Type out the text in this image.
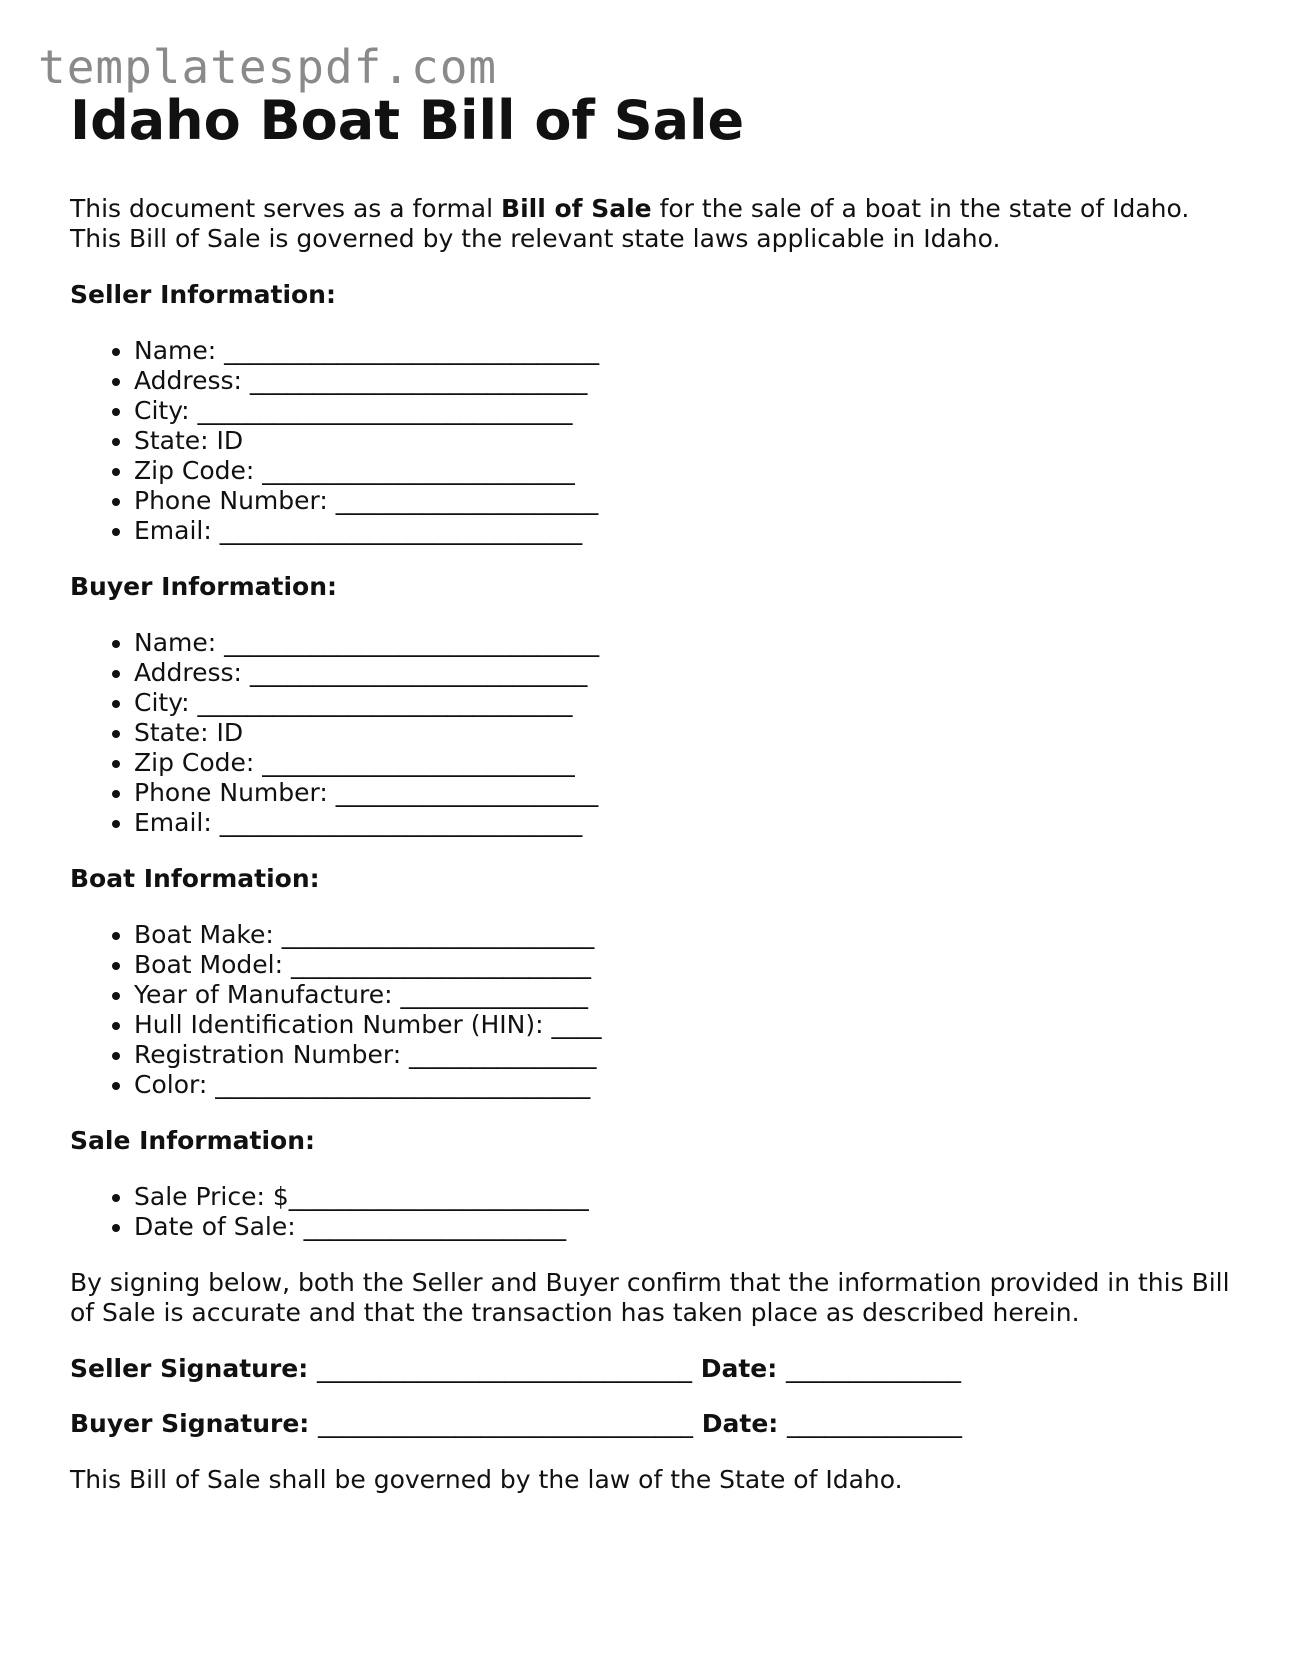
templatespdf.com
Idaho Boat Bill of Sale
This document serves as a formal Bill of Sale for the sale of a boat in the state of Idaho. This Bill of Sale is governed by the relevant state laws applicable in Idaho.
Seller Information:
• Name: ______________________________
• Address: ___________________________
• City: ______________________________
• State: ID
• Zip Code: _________________________
• Phone Number: _____________________
• Email: _____________________________
Buyer Information:
• Name: ______________________________
• Address: ___________________________
• City: ______________________________
• State: ID
• Zip Code: _________________________
• Phone Number: _____________________
• Email: _____________________________
Boat Information:
• Boat Make: _________________________
• Boat Model: ________________________
• Year of Manufacture: _______________
• Hull Identification Number (HIN): ____
• Registration Number: _______________
• Color: ______________________________
Sale Information:
• Sale Price: $________________________
• Date of Sale: _____________________
By signing below, both the Seller and Buyer confirm that the information provided in this Bill of Sale is accurate and that the transaction has taken place as described herein.
Seller Signature: ______________________________ Date: ______________
Buyer Signature: ______________________________ Date: ______________
This Bill of Sale shall be governed by the law of the State of Idaho.
